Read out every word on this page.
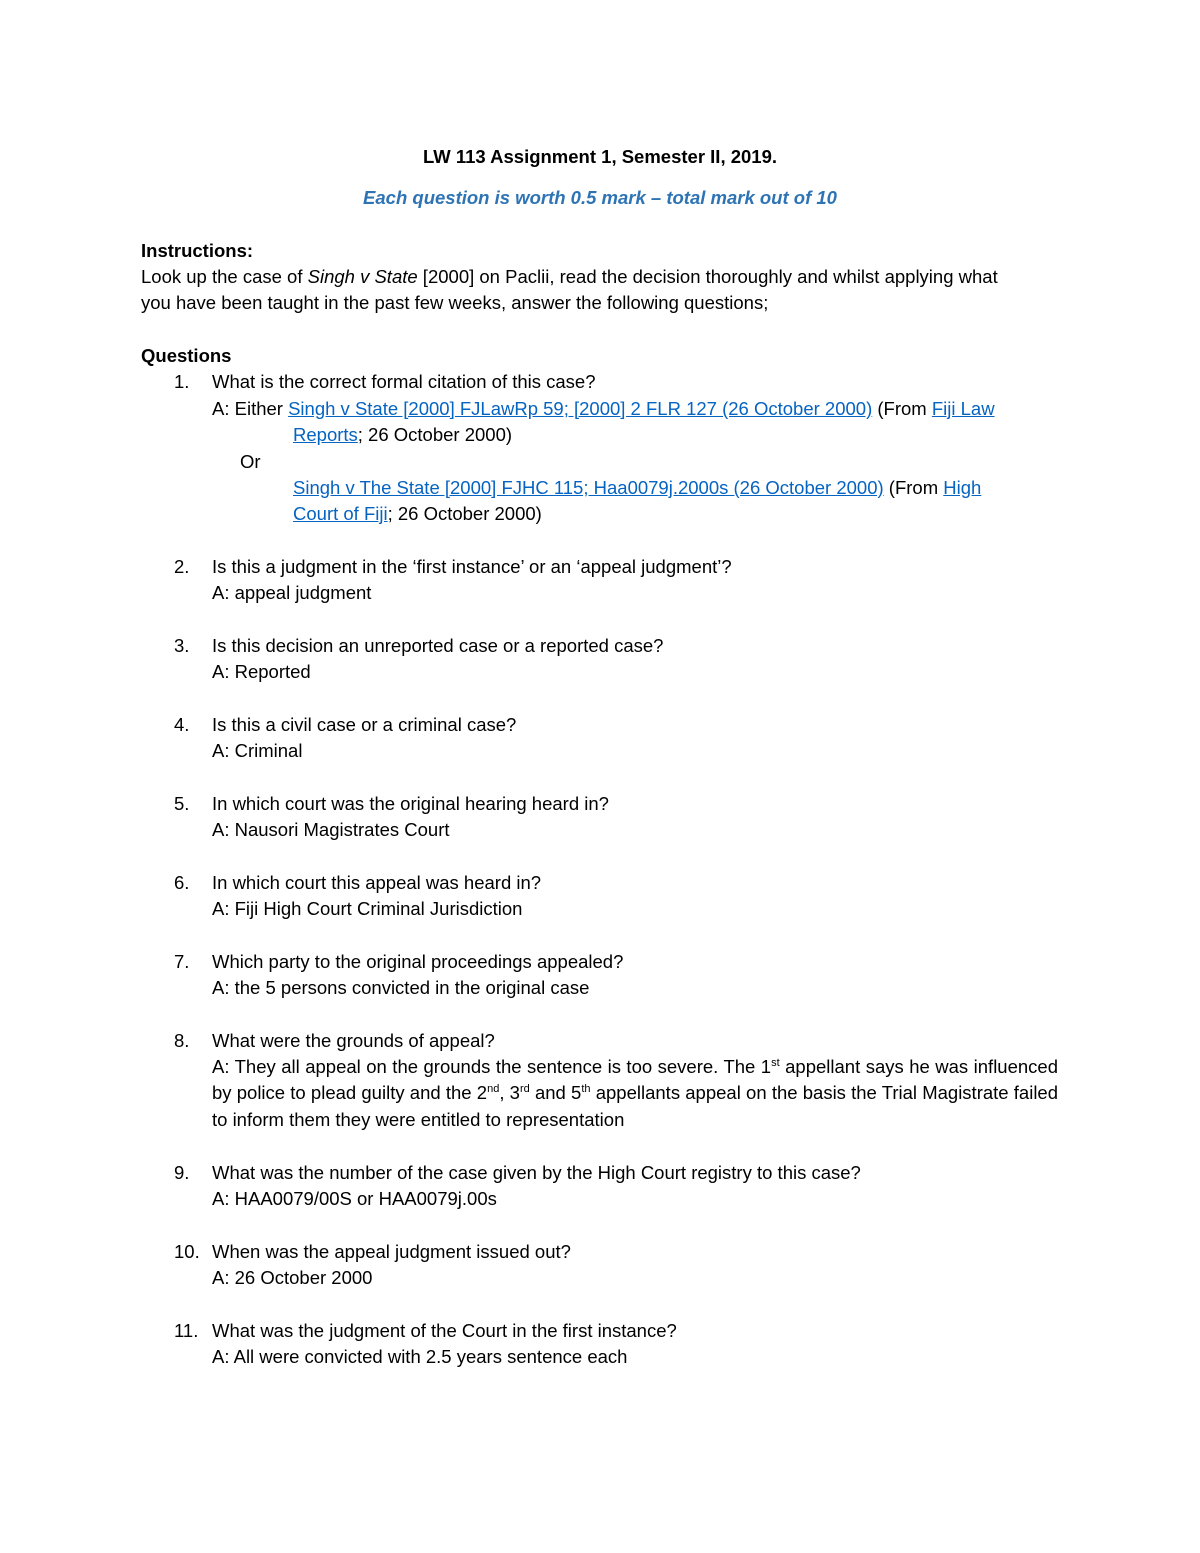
LW 113 Assignment 1, Semester II, 2019.
Each question is worth 0.5 mark – total mark out of 10
Instructions:
Look up the case of Singh v State [2000] on Paclii, read the decision thoroughly and whilst applying what
you have been taught in the past few weeks, answer the following questions;
Questions
1. What is the correct formal citation of this case?
A: Either Singh v State [2000] FJLawRp 59; [2000] 2 FLR 127 (26 October 2000) (From Fiji Law
Reports; 26 October 2000)
Or
Singh v The State [2000] FJHC 115; Haa0079j.2000s (26 October 2000) (From High
Court of Fiji; 26 October 2000)
2. Is this a judgment in the ‘first instance’ or an ‘appeal judgment’?
A: appeal judgment
3. Is this decision an unreported case or a reported case?
A: Reported
4. Is this a civil case or a criminal case?
A: Criminal
5. In which court was the original hearing heard in?
A: Nausori Magistrates Court
6. In which court this appeal was heard in?
A: Fiji High Court Criminal Jurisdiction
7. Which party to the original proceedings appealed?
A: the 5 persons convicted in the original case
8. What were the grounds of appeal?
A: They all appeal on the grounds the sentence is too severe. The 1st appellant says he was influenced by police to plead guilty and the 2nd, 3rd and 5th appellants appeal on the basis the Trial Magistrate failed to inform them they were entitled to representation
9. What was the number of the case given by the High Court registry to this case?
A: HAA0079/00S or HAA0079j.00s
10. When was the appeal judgment issued out?
A: 26 October 2000
11. What was the judgment of the Court in the first instance?
A: All were convicted with 2.5 years sentence each
